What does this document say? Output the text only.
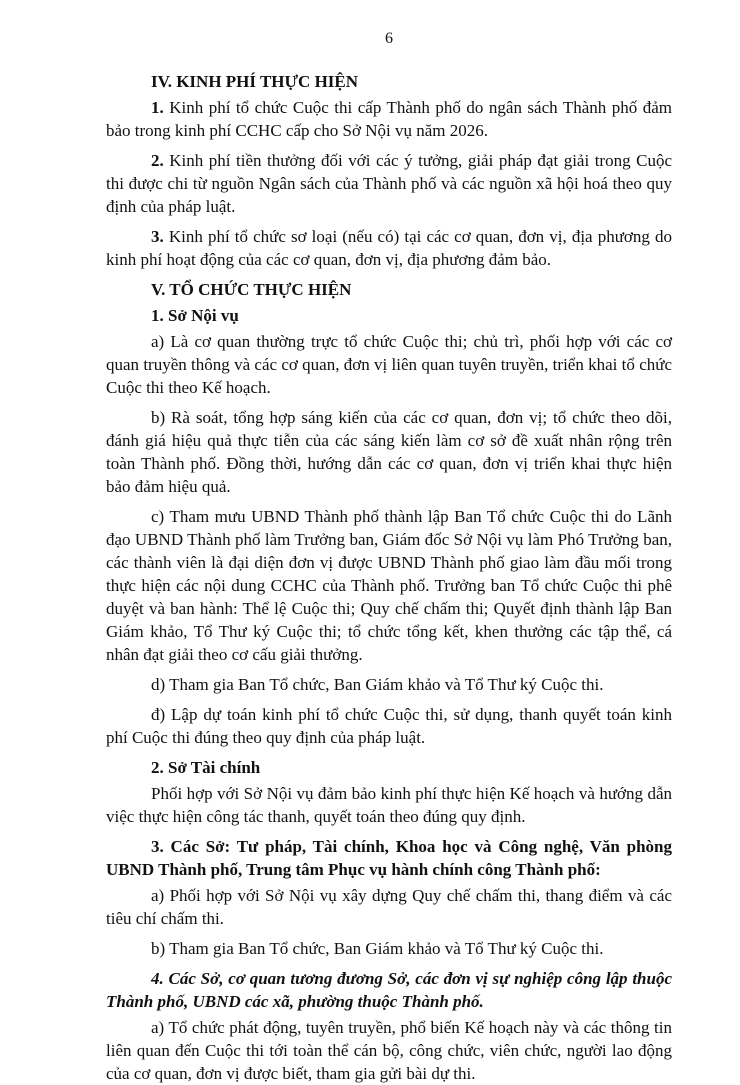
6

IV. KINH PHÍ THỰC HIỆN

1. Kinh phí tổ chức Cuộc thi cấp Thành phố do ngân sách Thành phố đảm bảo trong kinh phí CCHC cấp cho Sở Nội vụ năm 2026.

2. Kinh phí tiền thưởng đối với các ý tưởng, giải pháp đạt giải trong Cuộc thi được chi từ nguồn Ngân sách của Thành phố và các nguồn xã hội hoá theo quy định của pháp luật.

3. Kinh phí tổ chức sơ loại (nếu có) tại các cơ quan, đơn vị, địa phương do kinh phí hoạt động của các cơ quan, đơn vị, địa phương đảm bảo.

V. TỔ CHỨC THỰC HIỆN

1. Sở Nội vụ

a) Là cơ quan thường trực tổ chức Cuộc thi; chủ trì, phối hợp với các cơ quan truyền thông và các cơ quan, đơn vị liên quan tuyên truyền, triển khai tổ chức Cuộc thi theo Kế hoạch.

b) Rà soát, tổng hợp sáng kiến của các cơ quan, đơn vị; tổ chức theo dõi, đánh giá hiệu quả thực tiễn của các sáng kiến làm cơ sở đề xuất nhân rộng trên toàn Thành phố. Đồng thời, hướng dẫn các cơ quan, đơn vị triển khai thực hiện bảo đảm hiệu quả.

c) Tham mưu UBND Thành phố thành lập Ban Tổ chức Cuộc thi do Lãnh đạo UBND Thành phố làm Trưởng ban, Giám đốc Sở Nội vụ làm Phó Trưởng ban, các thành viên là đại diện đơn vị được UBND Thành phố giao làm đầu mối trong thực hiện các nội dung CCHC của Thành phố. Trưởng ban Tổ chức Cuộc thi phê duyệt và ban hành: Thể lệ Cuộc thi; Quy chế chấm thi; Quyết định thành lập Ban Giám khảo, Tổ Thư ký Cuộc thi; tổ chức tổng kết, khen thưởng các tập thể, cá nhân đạt giải theo cơ cấu giải thưởng.

d) Tham gia Ban Tổ chức, Ban Giám khảo và Tổ Thư ký Cuộc thi.

đ) Lập dự toán kinh phí tổ chức Cuộc thi, sử dụng, thanh quyết toán kinh phí Cuộc thi đúng theo quy định của pháp luật.

2. Sở Tài chính

Phối hợp với Sở Nội vụ đảm bảo kinh phí thực hiện Kế hoạch và hướng dẫn việc thực hiện công tác thanh, quyết toán theo đúng quy định.

3. Các Sở: Tư pháp, Tài chính, Khoa học và Công nghệ, Văn phòng UBND Thành phố, Trung tâm Phục vụ hành chính công Thành phố:

a) Phối hợp với Sở Nội vụ xây dựng Quy chế chấm thi, thang điểm và các tiêu chí chấm thi.

b) Tham gia Ban Tổ chức, Ban Giám khảo và Tổ Thư ký Cuộc thi.

4. Các Sở, cơ quan tương đương Sở, các đơn vị sự nghiệp công lập thuộc Thành phố, UBND các xã, phường thuộc Thành phố.

a) Tổ chức phát động, tuyên truyền, phổ biến Kế hoạch này và các thông tin liên quan đến Cuộc thi tới toàn thể cán bộ, công chức, viên chức, người lao động của cơ quan, đơn vị được biết, tham gia gửi bài dự thi.
